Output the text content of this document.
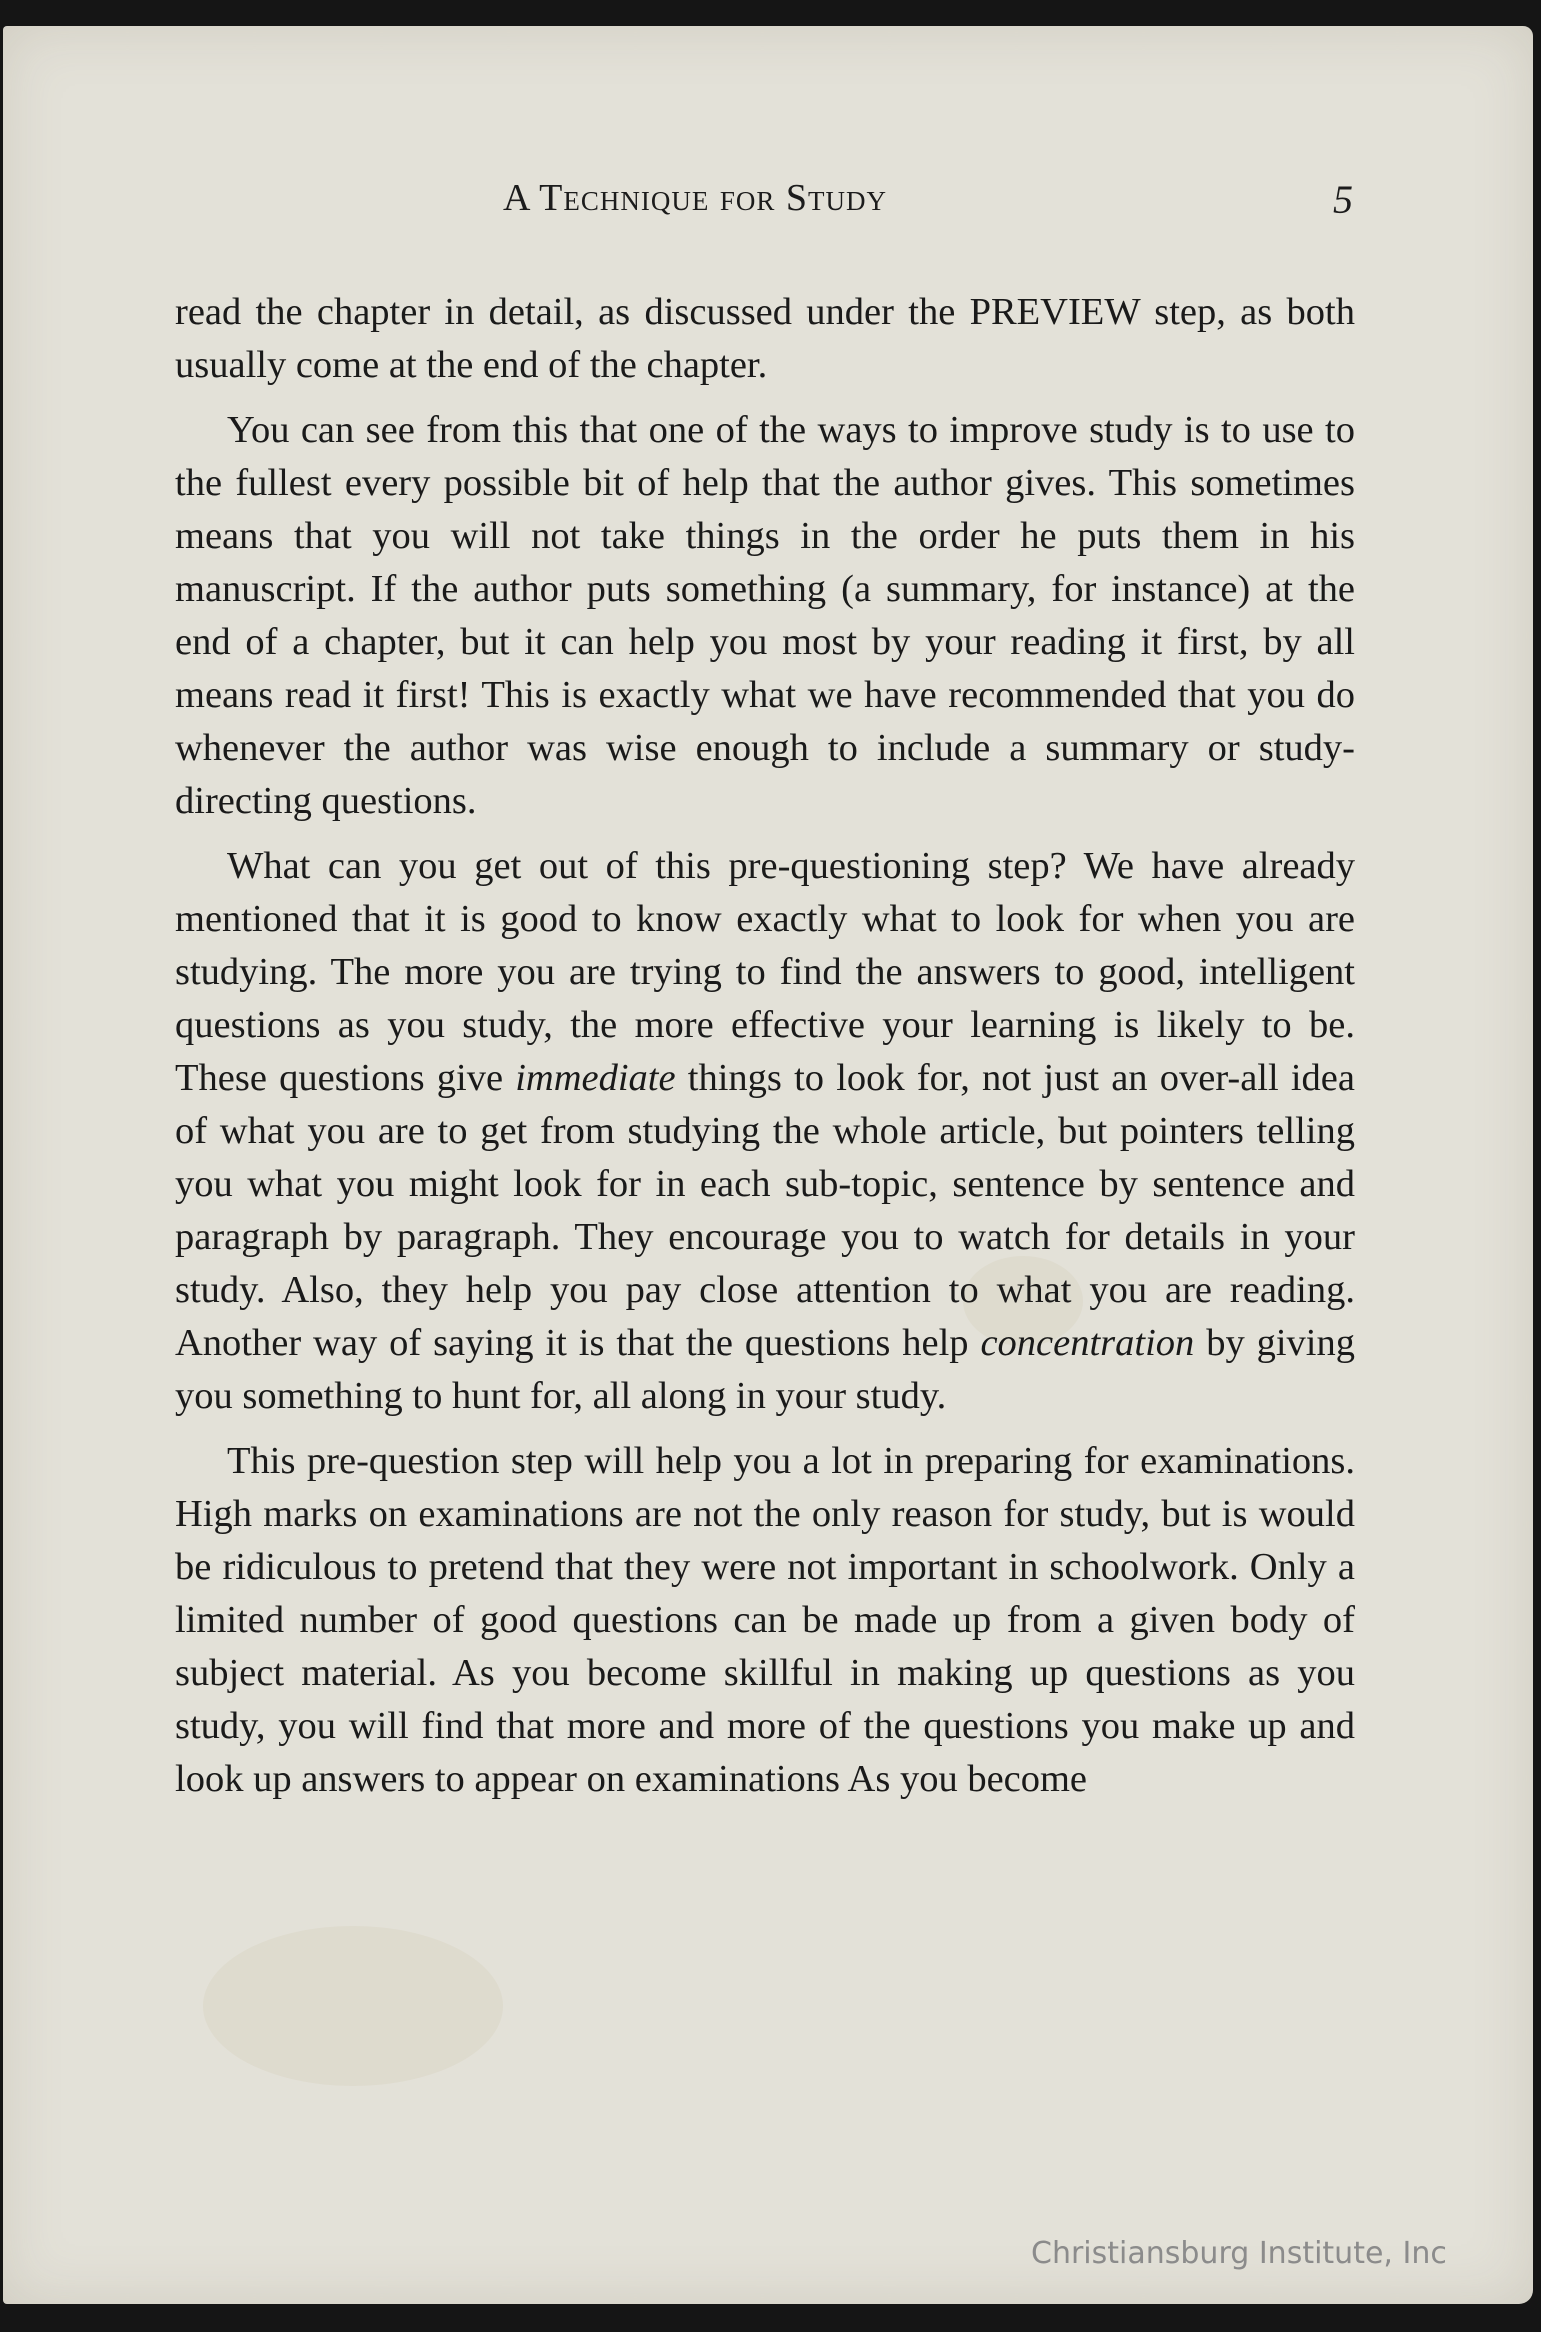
A Technique for Study	5

read the chapter in detail, as discussed under the PREVIEW step, as both usually come at the end of the chapter.

You can see from this that one of the ways to improve study is to use to the fullest every possible bit of help that the author gives. This sometimes means that you will not take things in the order he puts them in his manuscript. If the author puts something (a summary, for instance) at the end of a chapter, but it can help you most by your reading it first, by all means read it first! This is exactly what we have recommended that you do whenever the author was wise enough to include a summary or study-directing questions.

What can you get out of this pre-questioning step? We have already mentioned that it is good to know exactly what to look for when you are studying. The more you are trying to find the answers to good, intelligent questions as you study, the more effective your learning is likely to be. These questions give immediate things to look for, not just an over-all idea of what you are to get from studying the whole article, but pointers telling you what you might look for in each sub-topic, sentence by sentence and paragraph by paragraph. They encourage you to watch for details in your study. Also, they help you pay close attention to what you are reading. Another way of saying it is that the questions help concentration by giving you something to hunt for, all along in your study.

This pre-question step will help you a lot in preparing for examinations. High marks on examinations are not the only reason for study, but is would be ridiculous to pretend that they were not important in schoolwork. Only a limited number of good questions can be made up from a given body of subject material. As you become skillful in making up questions as you study, you will find that more and more of the questions you make up and look up answers to appear on examinations As you become

Christiansburg Institute, Inc
